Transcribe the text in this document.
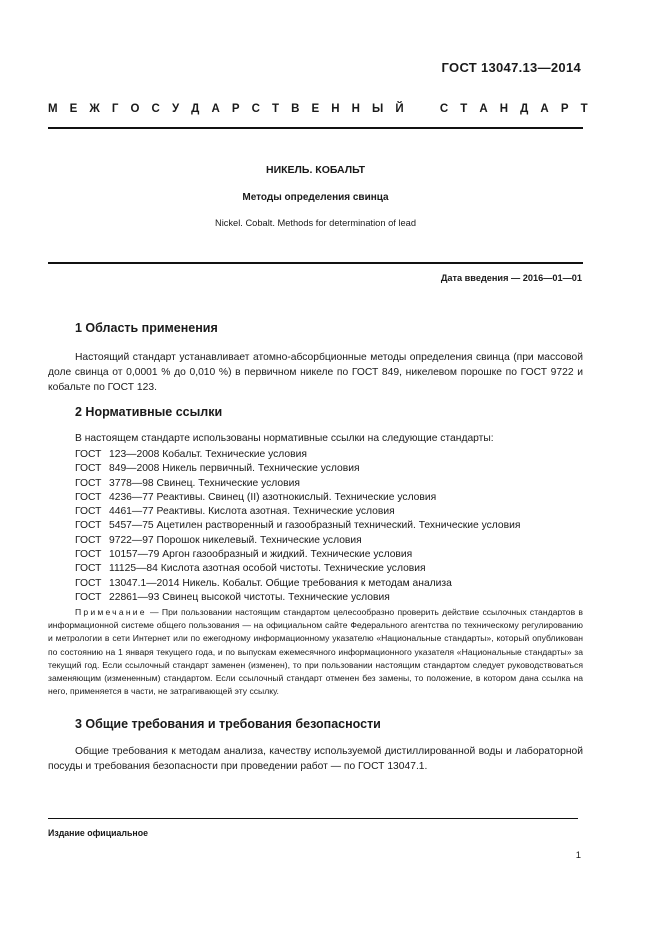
ГОСТ 13047.13—2014
М Е Ж Г О С У Д А Р С Т В Е Н Н Ы Й	С Т А Н Д А Р Т
НИКЕЛЬ. КОБАЛЬТ
Методы определения свинца
Nickel. Cobalt. Methods for determination of lead
Дата введения — 2016—01—01
1 Область применения
Настоящий стандарт устанавливает атомно-абсорбционные методы определения свинца (при массовой доле свинца от 0,0001 % до 0,010 %) в первичном никеле по ГОСТ 849, никелевом порошке по ГОСТ 9722 и кобальте по ГОСТ 123.
2 Нормативные ссылки
В настоящем стандарте использованы нормативные ссылки на следующие стандарты:
ГОСТ 123—2008 Кобальт. Технические условия
ГОСТ 849—2008 Никель первичный. Технические условия
ГОСТ 3778—98 Свинец. Технические условия
ГОСТ 4236—77 Реактивы. Свинец (II) азотнокислый. Технические условия
ГОСТ 4461—77 Реактивы. Кислота азотная. Технические условия
ГОСТ 5457—75 Ацетилен растворенный и газообразный технический. Технические условия
ГОСТ 9722—97 Порошок никелевый. Технические условия
ГОСТ 10157—79 Аргон газообразный и жидкий. Технические условия
ГОСТ 11125—84 Кислота азотная особой чистоты. Технические условия
ГОСТ 13047.1—2014 Никель. Кобальт. Общие требования к методам анализа
ГОСТ 22861—93 Свинец высокой чистоты. Технические условия
Примечание — При пользовании настоящим стандартом целесообразно проверить действие ссылочных стандартов в информационной системе общего пользования — на официальном сайте Федерального агентства по техническому регулированию и метрологии в сети Интернет или по ежегодному информационному указателю «Национальные стандарты», который опубликован по состоянию на 1 января текущего года, и по выпускам ежемесячного информационного указателя «Национальные стандарты» за текущий год. Если ссылочный стандарт заменен (изменен), то при пользовании настоящим стандартом следует руководствоваться заменяющим (измененным) стандартом. Если ссылочный стандарт отменен без замены, то положение, в котором дана ссылка на него, применяется в части, не затрагивающей эту ссылку.
3 Общие требования и требования безопасности
Общие требования к методам анализа, качеству используемой дистиллированной воды и лабораторной посуды и требования безопасности при проведении работ — по ГОСТ 13047.1.
Издание официальное
1
